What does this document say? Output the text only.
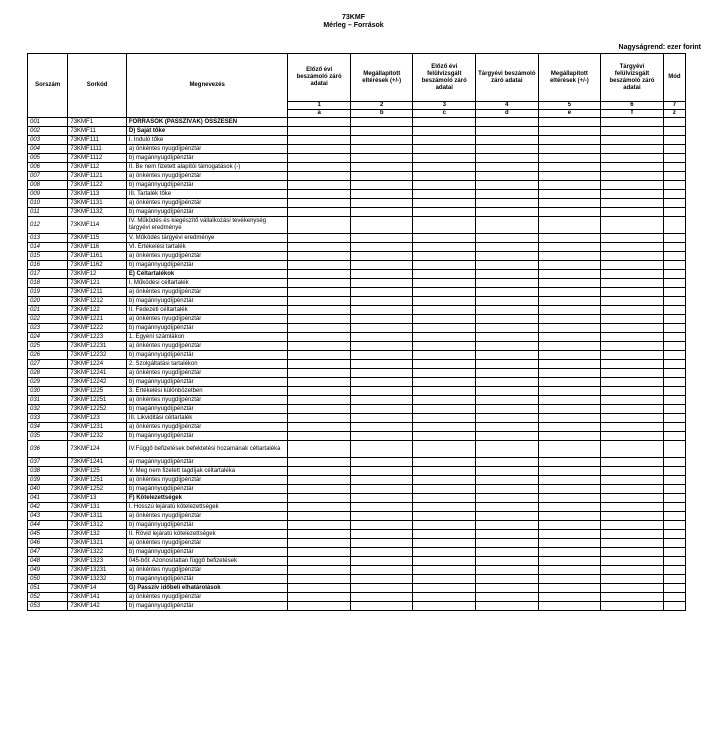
73KMF
Mérleg – Források
Nagyságrend: ezer forint
Sorszám	Sorkód	Megnevezés	Előző évi beszámoló záró adatai	Megállapított eltérések (+/-)	Előző évi felülvizsgált beszámoló záró adatai	Tárgyévi beszámoló záró adatai	Megállapított eltérések (+/-)	Tárgyévi felülvizsgált beszámoló záró adatai	Mód
			1	2	3	4	5	6	7
			a	b	c	d	e	f	z
001	73KMF1	FORRÁSOK (PASSZÍVÁK) ÖSSZESEN							
002	73KMF11	D) Saját tőke							
003	73KMF111	I. Induló tőke							
004	73KMF1111	a) önkéntes nyugdíjpénztár							
005	73KMF1112	b) magánnyugdíjpénztár							
006	73KMF112	II. Be nem fizetett alapítói támogatások (-)							
007	73KMF1121	a) önkéntes nyugdíjpénztár							
008	73KMF1122	b) magánnyugdíjpénztár							
009	73KMF113	III. Tartalék tőke							
010	73KMF1131	a) önkéntes nyugdíjpénztár							
011	73KMF1132	b) magánnyugdíjpénztár							
012	73KMF114	IV. Működés és kiegészítő vállalkozási tevékenység tárgyévi eredménye							
013	73KMF115	V. Működés tárgyévi eredménye							
014	73KMF116	VI. Értékelési tartalék							
015	73KMF1161	a) önkéntes nyugdíjpénztár							
016	73KMF1162	b) magánnyugdíjpénztár							
017	73KMF12	E) Céltartalékok							
018	73KMF121	I. Működési céltartalék							
019	73KMF1211	a) önkéntes nyugdíjpénztár							
020	73KMF1212	b) magánnyugdíjpénztár							
021	73KMF122	II. Fedezeti céltartalék							
022	73KMF1221	a) önkéntes nyugdíjpénztár							
023	73KMF1222	b) magánnyugdíjpénztár							
024	73KMF1223	1. Egyéni számlákon							
025	73KMF12231	a) önkéntes nyugdíjpénztár							
026	73KMF12232	b) magánnyugdíjpénztár							
027	73KMF1224	2. Szolgáltatási tartalékon							
028	73KMF12241	a) önkéntes nyugdíjpénztár							
029	73KMF12242	b) magánnyugdíjpénztár							
030	73KMF1225	3. Értékelési különbözetben							
031	73KMF12251	a) önkéntes nyugdíjpénztár							
032	73KMF12252	b) magánnyugdíjpénztár							
033	73KMF123	III. Likviditási céltartalék							
034	73KMF1231	a) önkéntes nyugdíjpénztár							
035	73KMF1232	b) magánnyugdíjpénztár							
036	73KMF124	IV.Függő befizetések befektetési hozamának céltartaléka							
037	73KMF1241	a) magánnyugdíjpénztár							
038	73KMF125	V. Meg nem fizetett tagdíjak céltartaléka							
039	73KMF1251	a) önkéntes nyugdíjpénztár							
040	73KMF1252	b) magánnyugdíjpénztár							
041	73KMF13	F) Kötelezettségek							
042	73KMF131	I. Hosszú lejáratú kötelezettségek							
043	73KMF1311	a) önkéntes nyugdíjpénztár							
044	73KMF1312	b) magánnyugdíjpénztár							
045	73KMF132	II. Rövid lejáratú kötelezettségek							
046	73KMF1321	a) önkéntes nyugdíjpénztár							
047	73KMF1322	b) magánnyugdíjpénztár							
048	73KMF1323	045-ből: Azonosítatlan függő befizetések							
049	73KMF13231	a) önkéntes nyugdíjpénztár							
050	73KMF13232	b) magánnyugdíjpénztár							
051	73KMF14	G) Passzív időbeli elhatárolások							
052	73KMF141	a) önkéntes nyugdíjpénztár							
053	73KMF142	b) magánnyugdíjpénztár							
